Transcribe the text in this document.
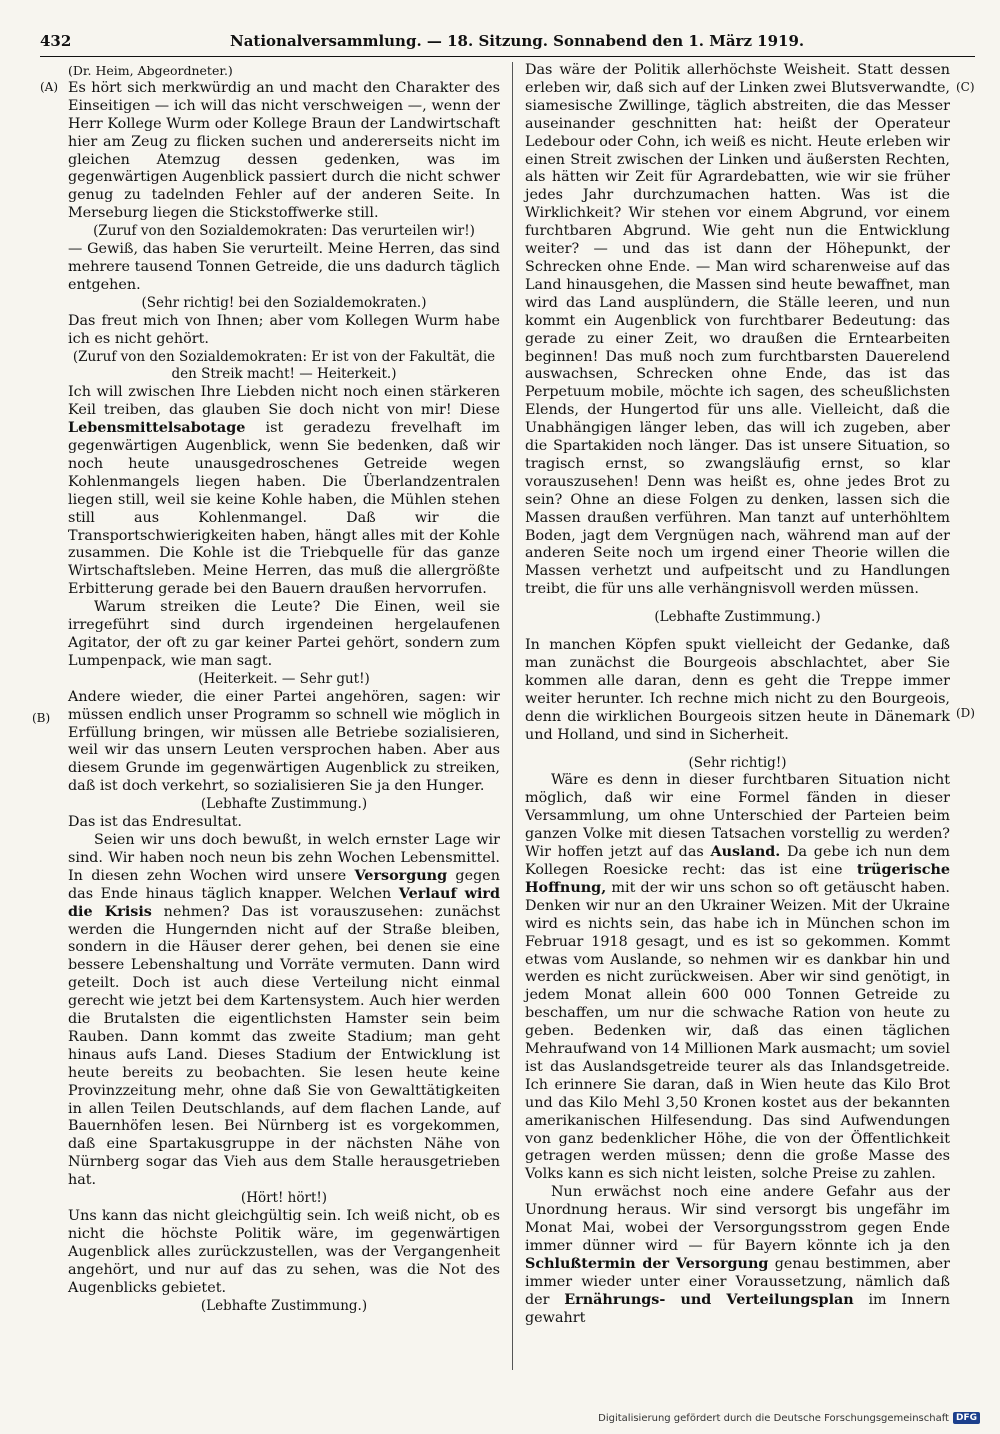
432	Nationalversammlung. — 18. Sitzung. Sonnabend den 1. März 1919.
(A)
(B)
(C)
(D)

(Dr. Heim, Abgeordneter.)

Es hört sich merkwürdig an und macht den Charakter des Einseitigen — ich will das nicht verschweigen —, wenn der Herr Kollege Wurm oder Kollege Braun der Landwirtschaft hier am Zeug zu flicken suchen und andererseits nicht im gleichen Atemzug dessen gedenken, was im gegenwärtigen Augenblick passiert durch die nicht schwer genug zu tadelnden Fehler auf der anderen Seite. In Merseburg liegen die Stickstoffwerke still.

(Zuruf von den Sozialdemokraten: Das verurteilen wir!)

— Gewiß, das haben Sie verurteilt. Meine Herren, das sind mehrere tausend Tonnen Getreide, die uns dadurch täglich entgehen.

(Sehr richtig! bei den Sozialdemokraten.)

Das freut mich von Ihnen; aber vom Kollegen Wurm habe ich es nicht gehört.

(Zuruf von den Sozialdemokraten: Er ist von der Fakultät, die den Streik macht! — Heiterkeit.)

Ich will zwischen Ihre Liebden nicht noch einen stärkeren Keil treiben, das glauben Sie doch nicht von mir! Diese Lebensmittelsabotage ist geradezu frevelhaft im gegenwärtigen Augenblick, wenn Sie bedenken, daß wir noch heute unausgedroschenes Getreide wegen Kohlenmangels liegen haben. Die Überlandzentralen liegen still, weil sie keine Kohle haben, die Mühlen stehen still aus Kohlenmangel. Daß wir die Transportschwierigkeiten haben, hängt alles mit der Kohle zusammen. Die Kohle ist die Triebquelle für das ganze Wirtschaftsleben. Meine Herren, das muß die allergrößte Erbitterung gerade bei den Bauern draußen hervorrufen.

Warum streiken die Leute? Die Einen, weil sie irregeführt sind durch irgendeinen hergelaufenen Agitator, der oft zu gar keiner Partei gehört, sondern zum Lumpenpack, wie man sagt.

(Heiterkeit. — Sehr gut!)

Andere wieder, die einer Partei angehören, sagen: wir müssen endlich unser Programm so schnell wie möglich in Erfüllung bringen, wir müssen alle Betriebe sozialisieren, weil wir das unsern Leuten versprochen haben. Aber aus diesem Grunde im gegenwärtigen Augenblick zu streiken, daß ist doch verkehrt, so sozialisieren Sie ja den Hunger.

(Lebhafte Zustimmung.)

Das ist das Endresultat.

Seien wir uns doch bewußt, in welch ernster Lage wir sind. Wir haben noch neun bis zehn Wochen Lebensmittel. In diesen zehn Wochen wird unsere Versorgung gegen das Ende hinaus täglich knapper. Welchen Verlauf wird die Krisis nehmen? Das ist vorauszusehen: zunächst werden die Hungernden nicht auf der Straße bleiben, sondern in die Häuser derer gehen, bei denen sie eine bessere Lebenshaltung und Vorräte vermuten. Dann wird geteilt. Doch ist auch diese Verteilung nicht einmal gerecht wie jetzt bei dem Kartensystem. Auch hier werden die Brutalsten die eigentlichsten Hamster sein beim Rauben. Dann kommt das zweite Stadium; man geht hinaus aufs Land. Dieses Stadium der Entwicklung ist heute bereits zu beobachten. Sie lesen heute keine Provinzzeitung mehr, ohne daß Sie von Gewalttätigkeiten in allen Teilen Deutschlands, auf dem flachen Lande, auf Bauernhöfen lesen. Bei Nürnberg ist es vorgekommen, daß eine Spartakusgruppe in der nächsten Nähe von Nürnberg sogar das Vieh aus dem Stalle herausgetrieben hat.

(Hört! hört!)

Uns kann das nicht gleichgültig sein. Ich weiß nicht, ob es nicht die höchste Politik wäre, im gegenwärtigen Augenblick alles zurückzustellen, was der Vergangenheit angehört, und nur auf das zu sehen, was die Not des Augenblicks gebietet.

(Lebhafte Zustimmung.)

Das wäre der Politik allerhöchste Weisheit. Statt dessen erleben wir, daß sich auf der Linken zwei Blutsverwandte, siamesische Zwillinge, täglich abstreiten, die das Messer auseinander geschnitten hat: heißt der Operateur Ledebour oder Cohn, ich weiß es nicht. Heute erleben wir einen Streit zwischen der Linken und äußersten Rechten, als hätten wir Zeit für Agrardebatten, wie wir sie früher jedes Jahr durchzumachen hatten. Was ist die Wirklichkeit? Wir stehen vor einem Abgrund, vor einem furchtbaren Abgrund. Wie geht nun die Entwicklung weiter? — und das ist dann der Höhepunkt, der Schrecken ohne Ende. — Man wird scharenweise auf das Land hinausgehen, die Massen sind heute bewaffnet, man wird das Land ausplündern, die Ställe leeren, und nun kommt ein Augenblick von furchtbarer Bedeutung: das gerade zu einer Zeit, wo draußen die Erntearbeiten beginnen! Das muß noch zum furchtbarsten Dauerelend auswachsen, Schrecken ohne Ende, das ist das Perpetuum mobile, möchte ich sagen, des scheußlichsten Elends, der Hungertod für uns alle. Vielleicht, daß die Unabhängigen länger leben, das will ich zugeben, aber die Spartakiden noch länger. Das ist unsere Situation, so tragisch ernst, so zwangsläufig ernst, so klar vorauszusehen! Denn was heißt es, ohne jedes Brot zu sein? Ohne an diese Folgen zu denken, lassen sich die Massen draußen verführen. Man tanzt auf unterhöhltem Boden, jagt dem Vergnügen nach, während man auf der anderen Seite noch um irgend einer Theorie willen die Massen verhetzt und aufpeitscht und zu Handlungen treibt, die für uns alle verhängnisvoll werden müssen.

(Lebhafte Zustimmung.)

In manchen Köpfen spukt vielleicht der Gedanke, daß man zunächst die Bourgeois abschlachtet, aber Sie kommen alle daran, denn es geht die Treppe immer weiter herunter. Ich rechne mich nicht zu den Bourgeois, denn die wirklichen Bourgeois sitzen heute in Dänemark und Holland, und sind in Sicherheit.

(Sehr richtig!)

Wäre es denn in dieser furchtbaren Situation nicht möglich, daß wir eine Formel fänden in dieser Versammlung, um ohne Unterschied der Parteien beim ganzen Volke mit diesen Tatsachen vorstellig zu werden? Wir hoffen jetzt auf das Ausland. Da gebe ich nun dem Kollegen Roesicke recht: das ist eine trügerische Hoffnung, mit der wir uns schon so oft getäuscht haben. Denken wir nur an den Ukrainer Weizen. Mit der Ukraine wird es nichts sein, das habe ich in München schon im Februar 1918 gesagt, und es ist so gekommen. Kommt etwas vom Auslande, so nehmen wir es dankbar hin und werden es nicht zurückweisen. Aber wir sind genötigt, in jedem Monat allein 600 000 Tonnen Getreide zu beschaffen, um nur die schwache Ration von heute zu geben. Bedenken wir, daß das einen täglichen Mehraufwand von 14 Millionen Mark ausmacht; um soviel ist das Auslandsgetreide teurer als das Inlandsgetreide. Ich erinnere Sie daran, daß in Wien heute das Kilo Brot und das Kilo Mehl 3,50 Kronen kostet aus der bekannten amerikanischen Hilfesendung. Das sind Aufwendungen von ganz bedenklicher Höhe, die von der Öffentlichkeit getragen werden müssen; denn die große Masse des Volks kann es sich nicht leisten, solche Preise zu zahlen.

Nun erwächst noch eine andere Gefahr aus der Unordnung heraus. Wir sind versorgt bis ungefähr im Monat Mai, wobei der Versorgungsstrom gegen Ende immer dünner wird — für Bayern könnte ich ja den Schlußtermin der Versorgung genau bestimmen, aber immer wieder unter einer Voraussetzung, nämlich daß der Ernährungs- und Verteilungsplan im Innern gewahrt

Digitalisierung gefördert durch die Deutsche Forschungsgemeinschaft DFG
